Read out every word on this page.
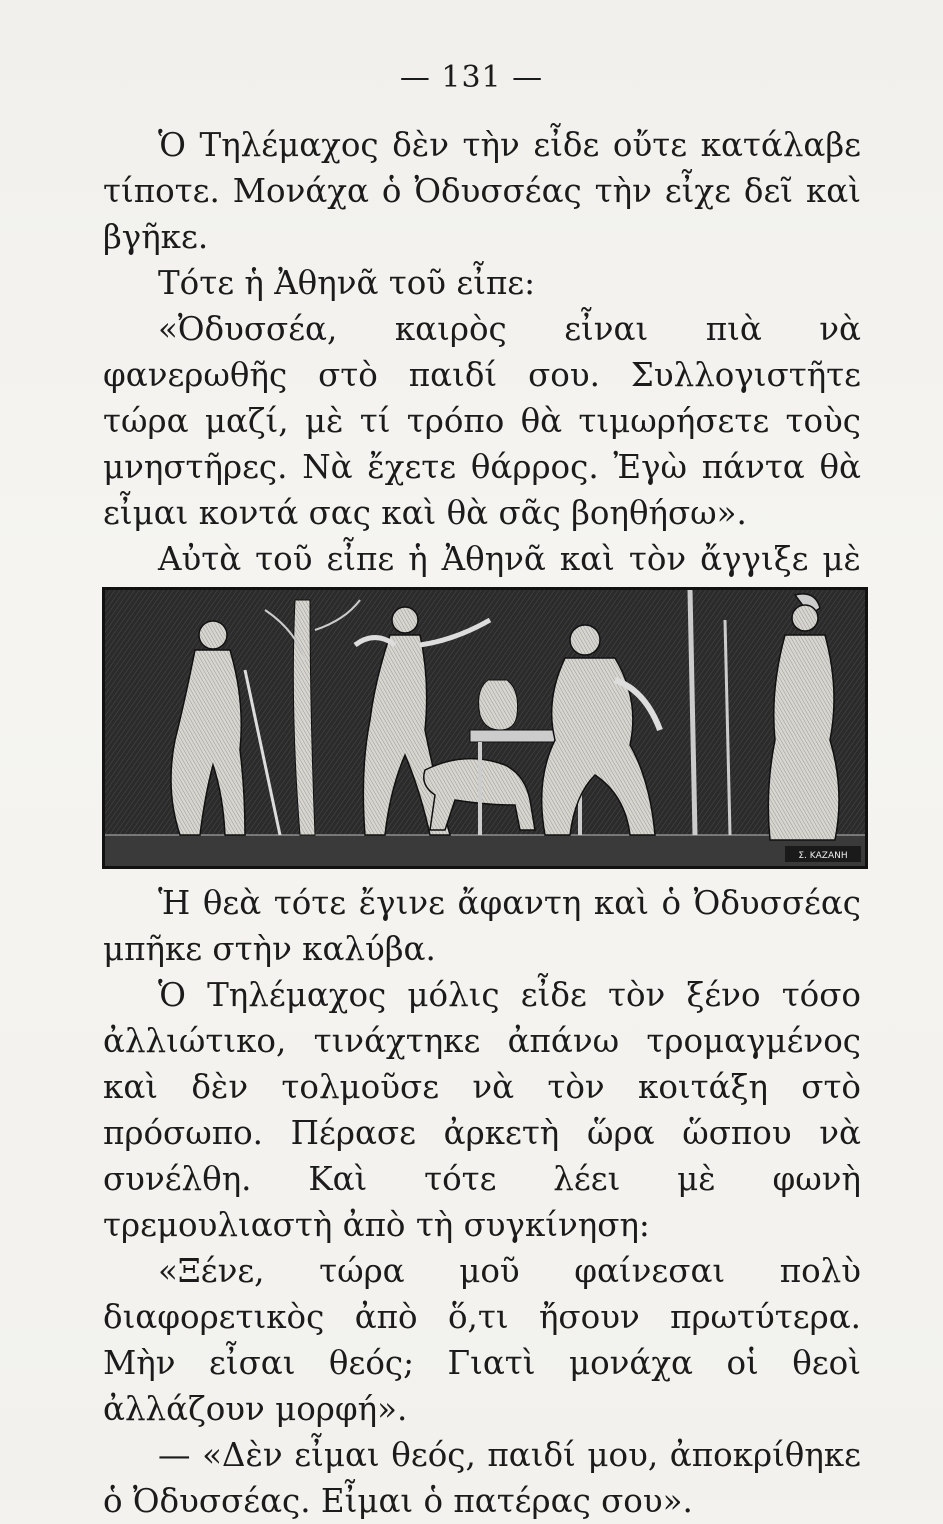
— 131 —

Ὁ Τηλέμαχος δὲν τὴν εἶδε οὔτε κατάλαβε τίποτε. Μονάχα ὁ Ὀδυσσέας τὴν εἶχε δεῖ καὶ βγῆκε.

Τότε ἡ Ἀθηνᾶ τοῦ εἶπε:

«Ὀδυσσέα, καιρὸς εἶναι πιὰ νὰ φανερωθῆς στὸ παιδί σου. Συλλογιστῆτε τώρα μαζί, μὲ τί τρόπο θὰ τιμωρήσετε τοὺς μνηστῆρες. Νὰ ἔχετε θάρρος. Ἐγὼ πάντα θὰ εἶμαι κοντά σας καὶ θὰ σᾶς βοηθήσω».

Αὐτὰ τοῦ εἶπε ἡ Ἀθηνᾶ καὶ τὸν ἄγγιξε μὲ

Σ. ΚΑΖΑΝΗ

Ἡ θεὰ τότε ἔγινε ἄφαντη καὶ ὁ Ὀδυσσέας μπῆκε στὴν καλύβα.

Ὁ Τηλέμαχος μόλις εἶδε τὸν ξένο τόσο ἀλλιώτικο, τινάχτηκε ἀπάνω τρομαγμένος καὶ δὲν τολμοῦσε νὰ τὸν κοιτάξη στὸ πρόσωπο. Πέρασε ἀρκετὴ ὥρα ὥσπου νὰ συνέλθη. Καὶ τότε λέει μὲ φωνὴ τρεμουλιαστὴ ἀπὸ τὴ συγκίνηση:

«Ξένε, τώρα μοῦ φαίνεσαι πολὺ διαφορετικὸς ἀπὸ ὅ,τι ἤσουν πρωτύτερα. Μὴν εἶσαι θεός; Γιατὶ μονάχα οἱ θεοὶ ἀλλάζουν μορφή».

— «Δὲν εἶμαι θεός, παιδί μου, ἀποκρίθηκε ὁ Ὀδυσσέας. Εἶμαι ὁ πατέρας σου».
